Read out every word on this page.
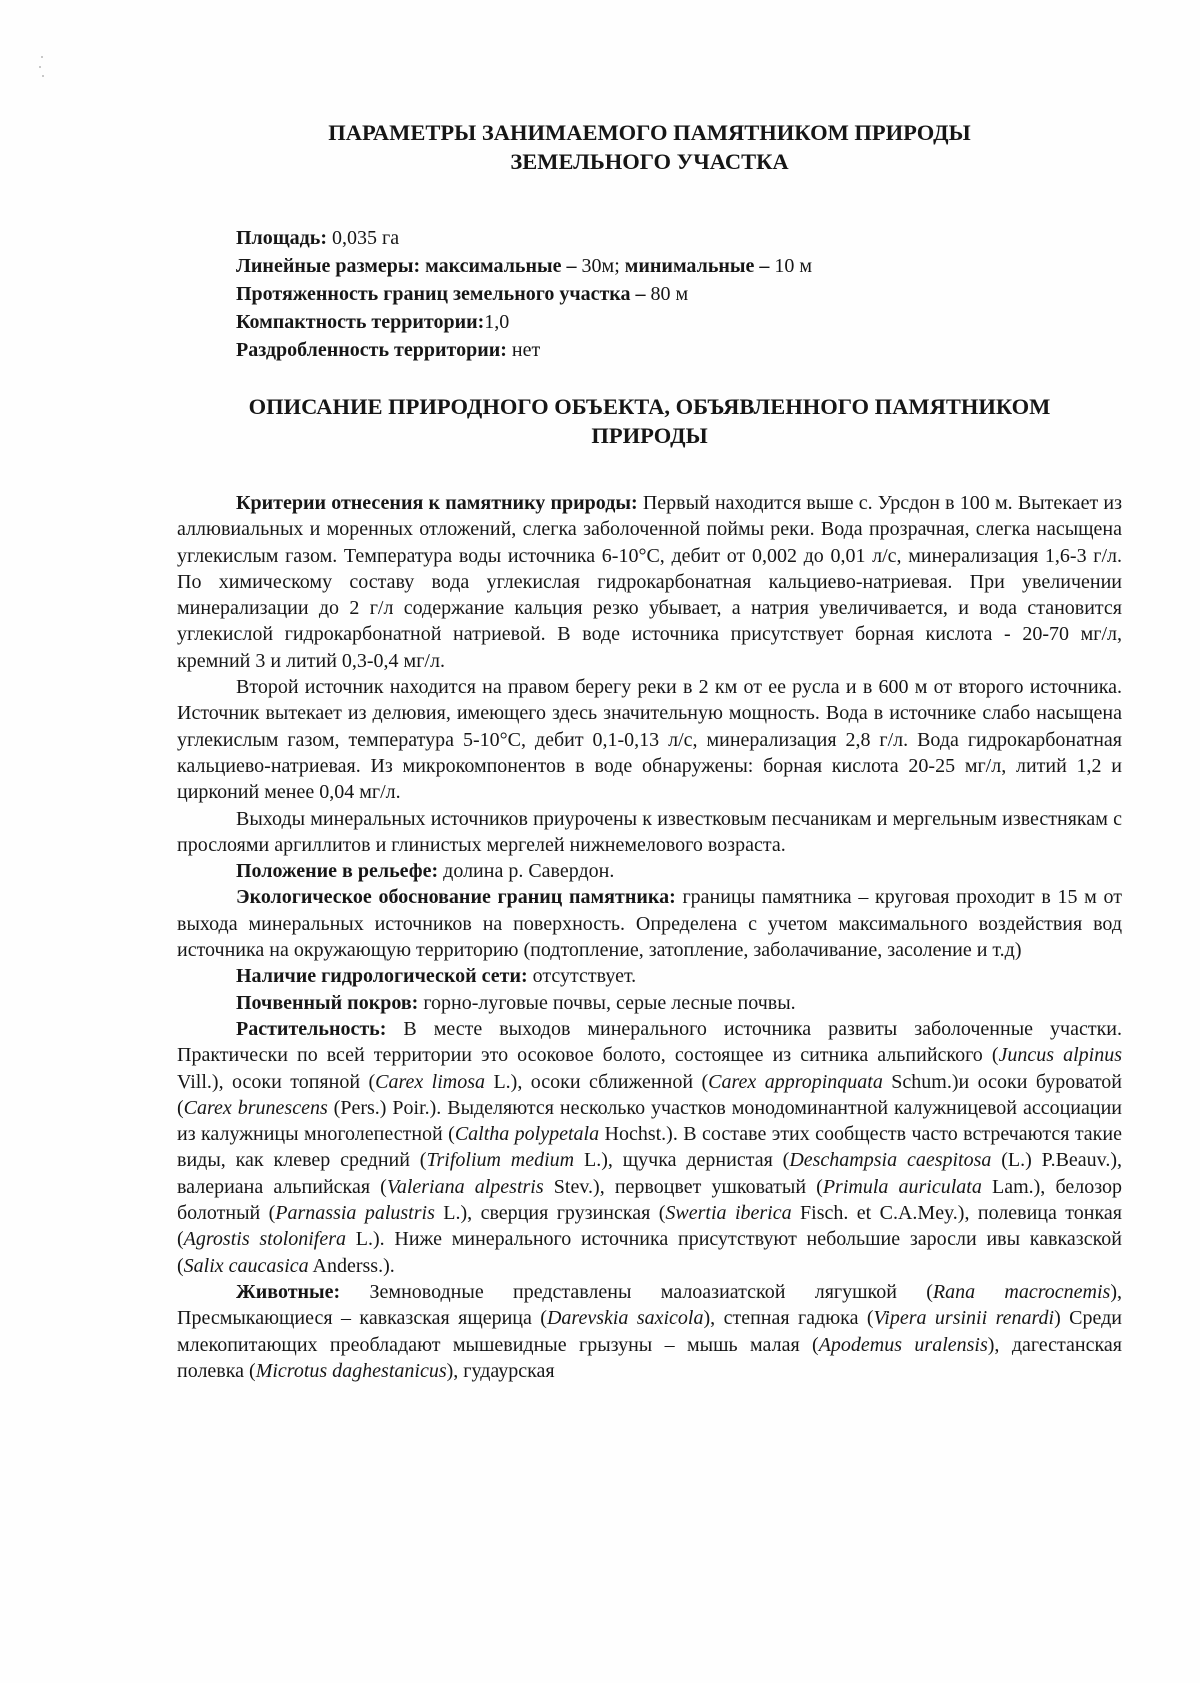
ПАРАМЕТРЫ ЗАНИМАЕМОГО ПАМЯТНИКОМ ПРИРОДЫ
ЗЕМЕЛЬНОГО УЧАСТКА
Площадь: 0,035 га
Линейные размеры: максимальные – 30м; минимальные – 10 м
Протяженность границ земельного участка – 80 м
Компактность территории:1,0
Раздробленность территории: нет
ОПИСАНИЕ ПРИРОДНОГО ОБЪЕКТА, ОБЪЯВЛЕННОГО ПАМЯТНИКОМ
ПРИРОДЫ

Критерии отнесения к памятнику природы: Первый находится выше с. Урсдон в 100 м. Вытекает из аллювиальных и моренных отложений, слегка заболоченной поймы реки. Вода прозрачная, слегка насыщена углекислым газом. Температура воды источника 6-10°С, дебит от 0,002 до 0,01 л/с, минерализация 1,6-3 г/л. По химическому составу вода углекислая гидрокарбонатная кальциево-натриевая. При увеличении минерализации до 2 г/л содержание кальция резко убывает, а натрия увеличивается, и вода становится углекислой гидрокарбонатной натриевой. В воде источника присутствует борная кислота - 20-70 мг/л, кремний 3 и литий 0,3-0,4 мг/л.

Второй источник находится на правом берегу реки в 2 км от ее русла и в 600 м от второго источника. Источник вытекает из делювия, имеющего здесь значительную мощность. Вода в источнике слабо насыщена углекислым газом, температура 5-10°С, дебит 0,1-0,13 л/с, минерализация 2,8 г/л. Вода гидрокарбонатная кальциево-натриевая. Из микрокомпонентов в воде обнаружены: борная кислота 20-25 мг/л, литий 1,2 и цирконий менее 0,04 мг/л.

Выходы минеральных источников приурочены к известковым песчаникам и мергельным известнякам с прослоями аргиллитов и глинистых мергелей нижнемелового возраста.

Положение в рельефе: долина р. Савердон.

Экологическое обоснование границ памятника: границы памятника – круговая проходит в 15 м от выхода минеральных источников на поверхность. Определена с учетом максимального воздействия вод источника на окружающую территорию (подтопление, затопление, заболачивание, засоление и т.д)

Наличие гидрологической сети: отсутствует.

Почвенный покров: горно-луговые почвы, серые лесные почвы.

Растительность: В месте выходов минерального источника развиты заболоченные участки. Практически по всей территории это осоковое болото, состоящее из ситника альпийского (Juncus alpinus Vill.), осоки топяной (Carex limosa L.), осоки сближенной (Carex appropinquata Schum.)и осоки буроватой (Carex brunescens (Pers.) Poir.). Выделяются несколько участков монодоминантной калужницевой ассоциации из калужницы многолепестной (Caltha polypetala Hochst.). В составе этих сообществ часто встречаются такие виды, как клевер средний (Trifolium medium L.), щучка дернистая (Deschampsia caespitosa (L.) P.Beauv.), валериана альпийская (Valeriana alpestris Stev.), первоцвет ушковатый (Primula auriculata Lam.), белозор болотный (Parnassia palustris L.), сверция грузинская (Swertia iberica Fisch. et C.A.Mey.), полевица тонкая (Agrostis stolonifera L.). Ниже минерального источника присутствуют небольшие заросли ивы кавказской (Salix caucasica Anderss.).

Животные: Земноводные представлены малоазиатской лягушкой (Rana macrocnemis), Пресмыкающиеся – кавказская ящерица (Darevskia saxicola), степная гадюка (Vipera ursinii renardi) Среди млекопитающих преобладают мышевидные грызуны – мышь малая (Apodemus uralensis), дагестанская полевка (Microtus daghestanicus), гудаурская
